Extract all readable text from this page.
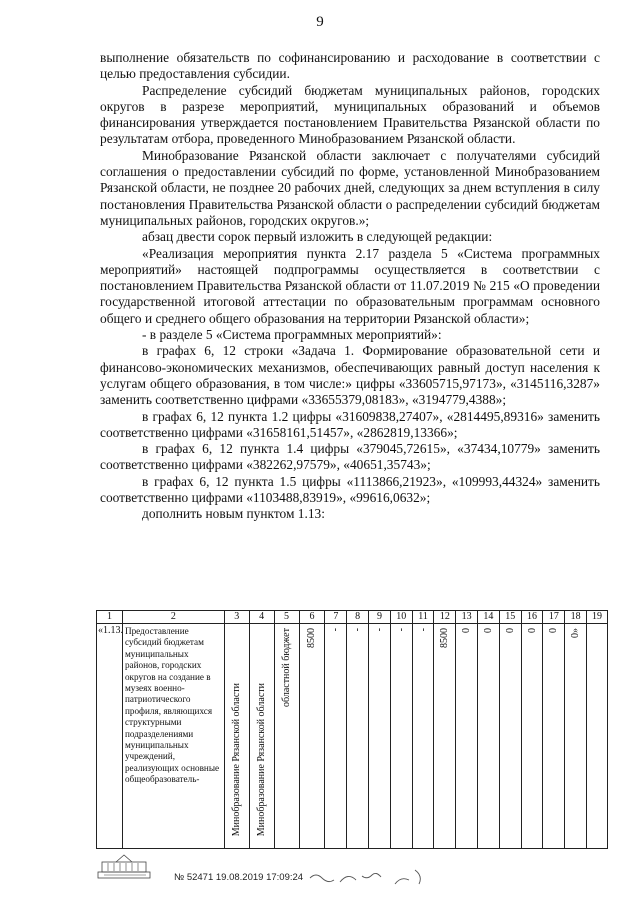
9

выполнение обязательств по софинансированию и расходование в соответствии с целью предоставления субсидии.

Распределение субсидий бюджетам муниципальных районов, городских округов в разрезе мероприятий, муниципальных образований и объемов финансирования утверждается постановлением Правительства Рязанской области по результатам отбора, проведенного Минобразованием Рязанской области.

Минобразование Рязанской области заключает с получателями субсидий соглашения о предоставлении субсидий по форме, установленной Минобразованием Рязанской области, не позднее 20 рабочих дней, следующих за днем вступления в силу постановления Правительства Рязанской области о распределении субсидий бюджетам муниципальных районов, городских округов.»;

абзац двести сорок первый изложить в следующей редакции:

«Реализация мероприятия пункта 2.17 раздела 5 «Система программных мероприятий» настоящей подпрограммы осуществляется в соответствии с постановлением Правительства Рязанской области от 11.07.2019 № 215 «О проведении государственной итоговой аттестации по образовательным программам основного общего и среднего общего образования на территории Рязанской области»;

- в разделе 5 «Система программных мероприятий»:

в графах 6, 12 строки «Задача 1. Формирование образовательной сети и финансово-экономических механизмов, обеспечивающих равный доступ населения к услугам общего образования, в том числе:» цифры «33605715,97173», «3145116,3287» заменить соответственно цифрами «33655379,08183», «3194779,4388»;

в графах 6, 12 пункта 1.2 цифры «31609838,27407», «2814495,89316» заменить соответственно цифрами «31658161,51457», «2862819,13366»;

в графах 6, 12 пункта 1.4 цифры «379045,72615», «37434,10779» заменить соответственно цифрами «382262,97579», «40651,35743»;

в графах 6, 12 пункта 1.5 цифры «1113866,21923», «109993,44324» заменить соответственно цифрами «1103488,83919», «99616,0632»;

дополнить новым пунктом 1.13:

1	2	3	4	5	6	7	8	9	10	11	12	13	14	15	16	17	18	19
«1.13.	Предоставление субсидий бюджетам муниципальных районов, городских округов на создание в музеях военно-патриотического профиля, являющихся структурными подразделениями муниципальных учреждений, реализующих основные общеобразователь-	Минобразование Рязанской области	Минобразование Рязанской области	областной бюджет	8500	-	-	-	-	-	8500	0	0	0	0	0	0»	

№ 52471 19.08.2019 17:09:24
